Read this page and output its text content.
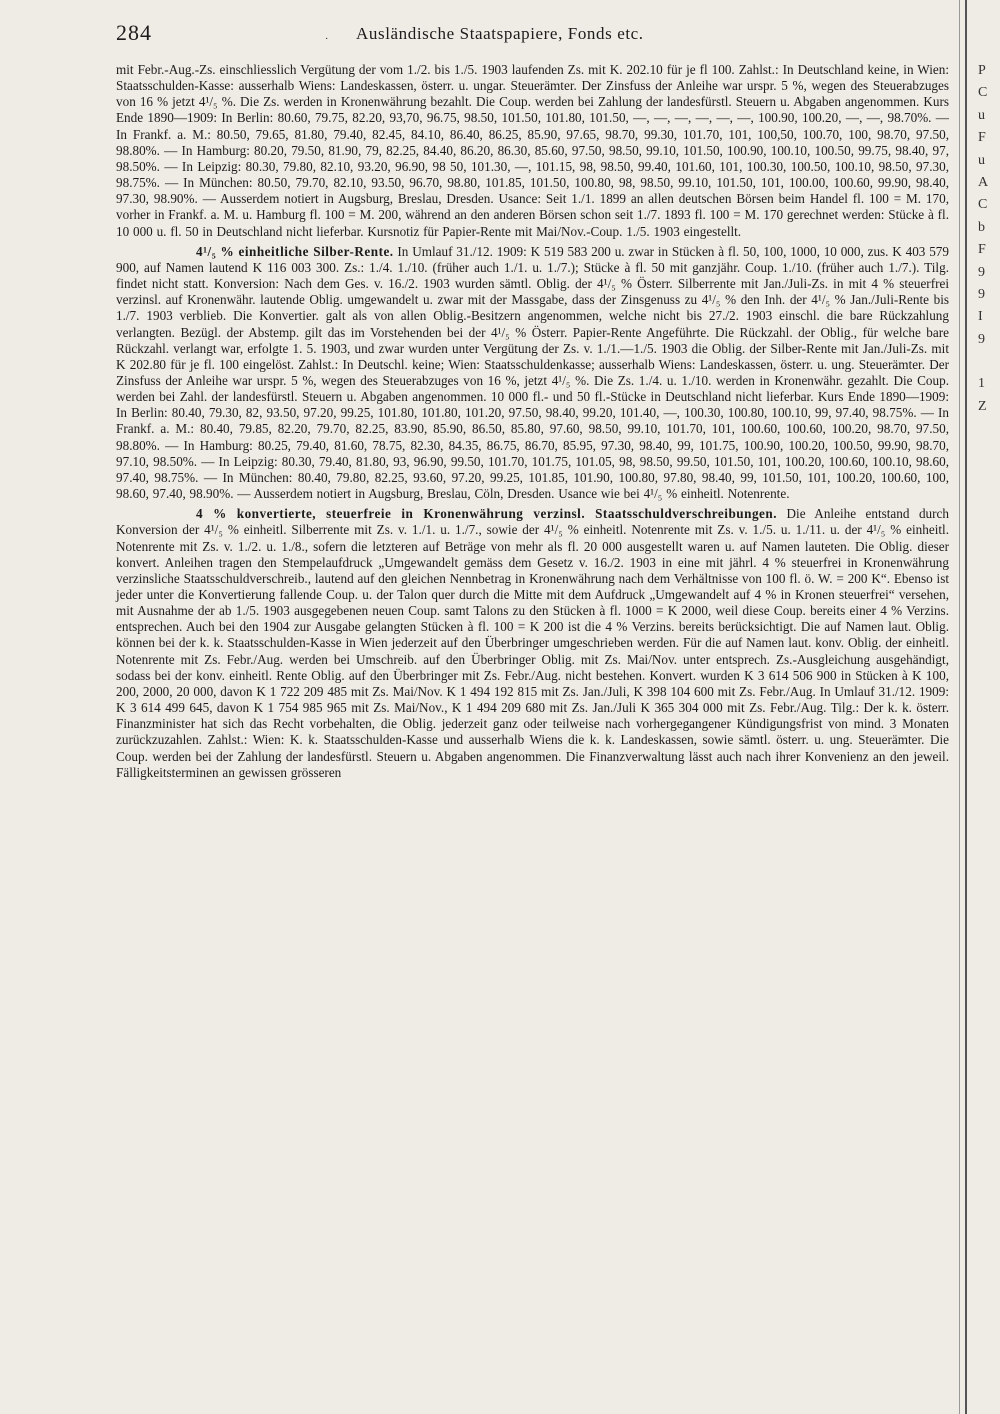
P
C
u
F
u
A
C
b
F
9
9
I
9
1
Z
284	· Ausländische Staatspapiere, Fonds etc.

mit Febr.-Aug.-Zs. einschliesslich Vergütung der vom 1./2. bis 1./5. 1903 laufenden Zs. mit K. 202.10 für je fl 100. Zahlst.: In Deutschland keine, in Wien: Staatsschulden-Kasse: ausserhalb Wiens: Landeskassen, österr. u. ungar. Steuerämter. Der Zinsfuss der Anleihe war urspr. 5 %, wegen des Steuerabzuges von 16 % jetzt 4¹/₅ %. Die Zs. werden in Kronenwährung bezahlt. Die Coup. werden bei Zahlung der landesfürstl. Steuern u. Abgaben angenommen. Kurs Ende 1890—1909: In Berlin: 80.60, 79.75, 82.20, 93,70, 96.75, 98.50, 101.50, 101.80, 101.50, —, —, —, —, —, —, 100.90, 100.20, —, —, 98.70%. — In Frankf. a. M.: 80.50, 79.65, 81.80, 79.40, 82.45, 84.10, 86.40, 86.25, 85.90, 97.65, 98.70, 99.30, 101.70, 101, 100,50, 100.70, 100, 98.70, 97.50, 98.80%. — In Hamburg: 80.20, 79.50, 81.90, 79, 82.25, 84.40, 86.20, 86.30, 85.60, 97.50, 98.50, 99.10, 101.50, 100.90, 100.10, 100.50, 99.75, 98.40, 97, 98.50%. — In Leipzig: 80.30, 79.80, 82.10, 93.20, 96.90, 98 50, 101.30, —, 101.15, 98, 98.50, 99.40, 101.60, 101, 100.30, 100.50, 100.10, 98.50, 97.30, 98.75%. — In München: 80.50, 79.70, 82.10, 93.50, 96.70, 98.80, 101.85, 101.50, 100.80, 98, 98.50, 99.10, 101.50, 101, 100.00, 100.60, 99.90, 98.40, 97.30, 98.90%. — Ausserdem notiert in Augsburg, Breslau, Dresden. Usance: Seit 1./1. 1899 an allen deutschen Börsen beim Handel fl. 100 = M. 170, vorher in Frankf. a. M. u. Hamburg fl. 100 = M. 200, während an den anderen Börsen schon seit 1./7. 1893 fl. 100 = M. 170 gerechnet werden: Stücke à fl. 10 000 u. fl. 50 in Deutschland nicht lieferbar. Kursnotiz für Papier-Rente mit Mai/Nov.-Coup. 1./5. 1903 eingestellt.

4¹/₅ % einheitliche Silber-Rente. In Umlauf 31./12. 1909: K 519 583 200 u. zwar in Stücken à fl. 50, 100, 1000, 10 000, zus. K 403 579 900, auf Namen lautend K 116 003 300. Zs.: 1./4. 1./10. (früher auch 1./1. u. 1./7.); Stücke à fl. 50 mit ganzjähr. Coup. 1./10. (früher auch 1./7.). Tilg. findet nicht statt. Konversion: Nach dem Ges. v. 16./2. 1903 wurden sämtl. Oblig. der 4¹/₅ % Österr. Silberrente mit Jan./Juli-Zs. in mit 4 % steuerfrei verzinsl. auf Kronenwähr. lautende Oblig. umgewandelt u. zwar mit der Massgabe, dass der Zinsgenuss zu 4¹/₅ % den Inh. der 4¹/₅ % Jan./Juli-Rente bis 1./7. 1903 verblieb. Die Konvertier. galt als von allen Oblig.-Besitzern angenommen, welche nicht bis 27./2. 1903 einschl. die bare Rückzahlung verlangten. Bezügl. der Abstemp. gilt das im Vorstehenden bei der 4¹/₅ % Österr. Papier-Rente Angeführte. Die Rückzahl. der Oblig., für welche bare Rückzahl. verlangt war, erfolgte 1. 5. 1903, und zwar wurden unter Vergütung der Zs. v. 1./1.—1./5. 1903 die Oblig. der Silber-Rente mit Jan./Juli-Zs. mit K 202.80 für je fl. 100 eingelöst. Zahlst.: In Deutschl. keine; Wien: Staatsschuldenkasse; ausserhalb Wiens: Landeskassen, österr. u. ung. Steuerämter. Der Zinsfuss der Anleihe war urspr. 5 %, wegen des Steuerabzuges von 16 %, jetzt 4¹/₅ %. Die Zs. 1./4. u. 1./10. werden in Kronenwähr. gezahlt. Die Coup. werden bei Zahl. der landesfürstl. Steuern u. Abgaben angenommen. 10 000 fl.- und 50 fl.-Stücke in Deutschland nicht lieferbar. Kurs Ende 1890—1909: In Berlin: 80.40, 79.30, 82, 93.50, 97.20, 99.25, 101.80, 101.80, 101.20, 97.50, 98.40, 99.20, 101.40, —, 100.30, 100.80, 100.10, 99, 97.40, 98.75%. — In Frankf. a. M.: 80.40, 79.85, 82.20, 79.70, 82.25, 83.90, 85.90, 86.50, 85.80, 97.60, 98.50, 99.10, 101.70, 101, 100.60, 100.60, 100.20, 98.70, 97.50, 98.80%. — In Hamburg: 80.25, 79.40, 81.60, 78.75, 82.30, 84.35, 86.75, 86.70, 85.95, 97.30, 98.40, 99, 101.75, 100.90, 100.20, 100.50, 99.90, 98.70, 97.10, 98.50%. — In Leipzig: 80.30, 79.40, 81.80, 93, 96.90, 99.50, 101.70, 101.75, 101.05, 98, 98.50, 99.50, 101.50, 101, 100.20, 100.60, 100.10, 98.60, 97.40, 98.75%. — In München: 80.40, 79.80, 82.25, 93.60, 97.20, 99.25, 101.85, 101.90, 100.80, 97.80, 98.40, 99, 101.50, 101, 100.20, 100.60, 100, 98.60, 97.40, 98.90%. — Ausserdem notiert in Augsburg, Breslau, Cöln, Dresden. Usance wie bei 4¹/₅ % einheitl. Notenrente.

4 % konvertierte, steuerfreie in Kronenwährung verzinsl. Staatsschuldverschreibungen. Die Anleihe entstand durch Konversion der 4¹/₅ % einheitl. Silberrente mit Zs. v. 1./1. u. 1./7., sowie der 4¹/₅ % einheitl. Notenrente mit Zs. v. 1./5. u. 1./11. u. der 4¹/₅ % einheitl. Notenrente mit Zs. v. 1./2. u. 1./8., sofern die letzteren auf Beträge von mehr als fl. 20 000 ausgestellt waren u. auf Namen lauteten. Die Oblig. dieser konvert. Anleihen tragen den Stempelaufdruck „Umgewandelt gemäss dem Gesetz v. 16./2. 1903 in eine mit jährl. 4 % steuerfrei in Kronenwährung verzinsliche Staatsschuldverschreib., lautend auf den gleichen Nennbetrag in Kronenwährung nach dem Verhältnisse von 100 fl. ö. W. = 200 K“. Ebenso ist jeder unter die Konvertierung fallende Coup. u. der Talon quer durch die Mitte mit dem Aufdruck „Umgewandelt auf 4 % in Kronen steuerfrei“ versehen, mit Ausnahme der ab 1./5. 1903 ausgegebenen neuen Coup. samt Talons zu den Stücken à fl. 1000 = K 2000, weil diese Coup. bereits einer 4 % Verzins. entsprechen. Auch bei den 1904 zur Ausgabe gelangten Stücken à fl. 100 = K 200 ist die 4 % Verzins. bereits berücksichtigt. Die auf Namen laut. Oblig. können bei der k. k. Staatsschulden-Kasse in Wien jederzeit auf den Überbringer umgeschrieben werden. Für die auf Namen laut. konv. Oblig. der einheitl. Notenrente mit Zs. Febr./Aug. werden bei Umschreib. auf den Überbringer Oblig. mit Zs. Mai/Nov. unter entsprech. Zs.-Ausgleichung ausgehändigt, sodass bei der konv. einheitl. Rente Oblig. auf den Überbringer mit Zs. Febr./Aug. nicht bestehen. Konvert. wurden K 3 614 506 900 in Stücken à K 100, 200, 2000, 20 000, davon K 1 722 209 485 mit Zs. Mai/Nov. K 1 494 192 815 mit Zs. Jan./Juli, K 398 104 600 mit Zs. Febr./Aug. In Umlauf 31./12. 1909: K 3 614 499 645, davon K 1 754 985 965 mit Zs. Mai/Nov., K 1 494 209 680 mit Zs. Jan./Juli K 365 304 000 mit Zs. Febr./Aug. Tilg.: Der k. k. österr. Finanzminister hat sich das Recht vorbehalten, die Oblig. jederzeit ganz oder teilweise nach vorhergegangener Kündigungsfrist von mind. 3 Monaten zurückzuzahlen. Zahlst.: Wien: K. k. Staatsschulden-Kasse und ausserhalb Wiens die k. k. Landeskassen, sowie sämtl. österr. u. ung. Steuerämter. Die Coup. werden bei der Zahlung der landesfürstl. Steuern u. Abgaben angenommen. Die Finanzverwaltung lässt auch nach ihrer Konvenienz an den jeweil. Fälligkeitsterminen an gewissen grösseren
